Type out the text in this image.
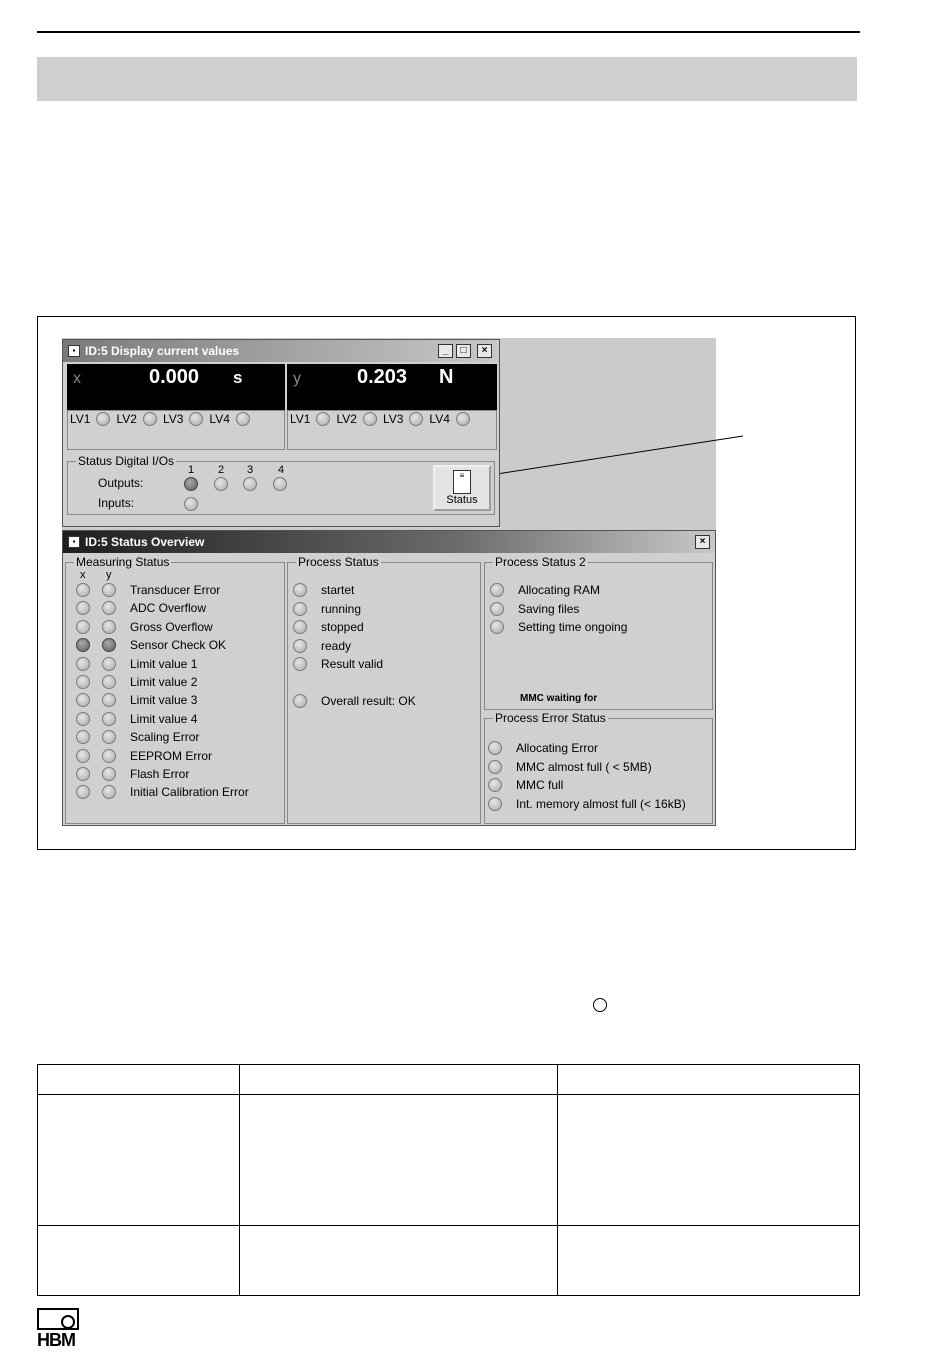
▪ ID:5 Display current values	_	□	×
x	0.000 s	y	0.203 N
LV1 LV2 LV3 LV4	LV1 LV2 LV3 LV4
Status Digital I/Os
1 2 3 4
Outputs:
Inputs:
≡
Status
▪ ID:5 Status Overview	×
Measuring Status
x y
Transducer Error
ADC Overflow
Gross Overflow
Sensor Check OK
Limit value 1
Limit value 2
Limit value 3
Limit value 4
Scaling Error
EEPROM Error
Flash Error
Initial Calibration Error
Process Status
startet
running
stopped
ready
Result valid
Overall result: OK
Process Status 2
Allocating RAM
Saving files
Setting time ongoing
MMC waiting for
Process Error Status
Allocating Error
MMC almost full ( < 5MB)
MMC full
Int. memory almost full (< 16kB)

HBM
